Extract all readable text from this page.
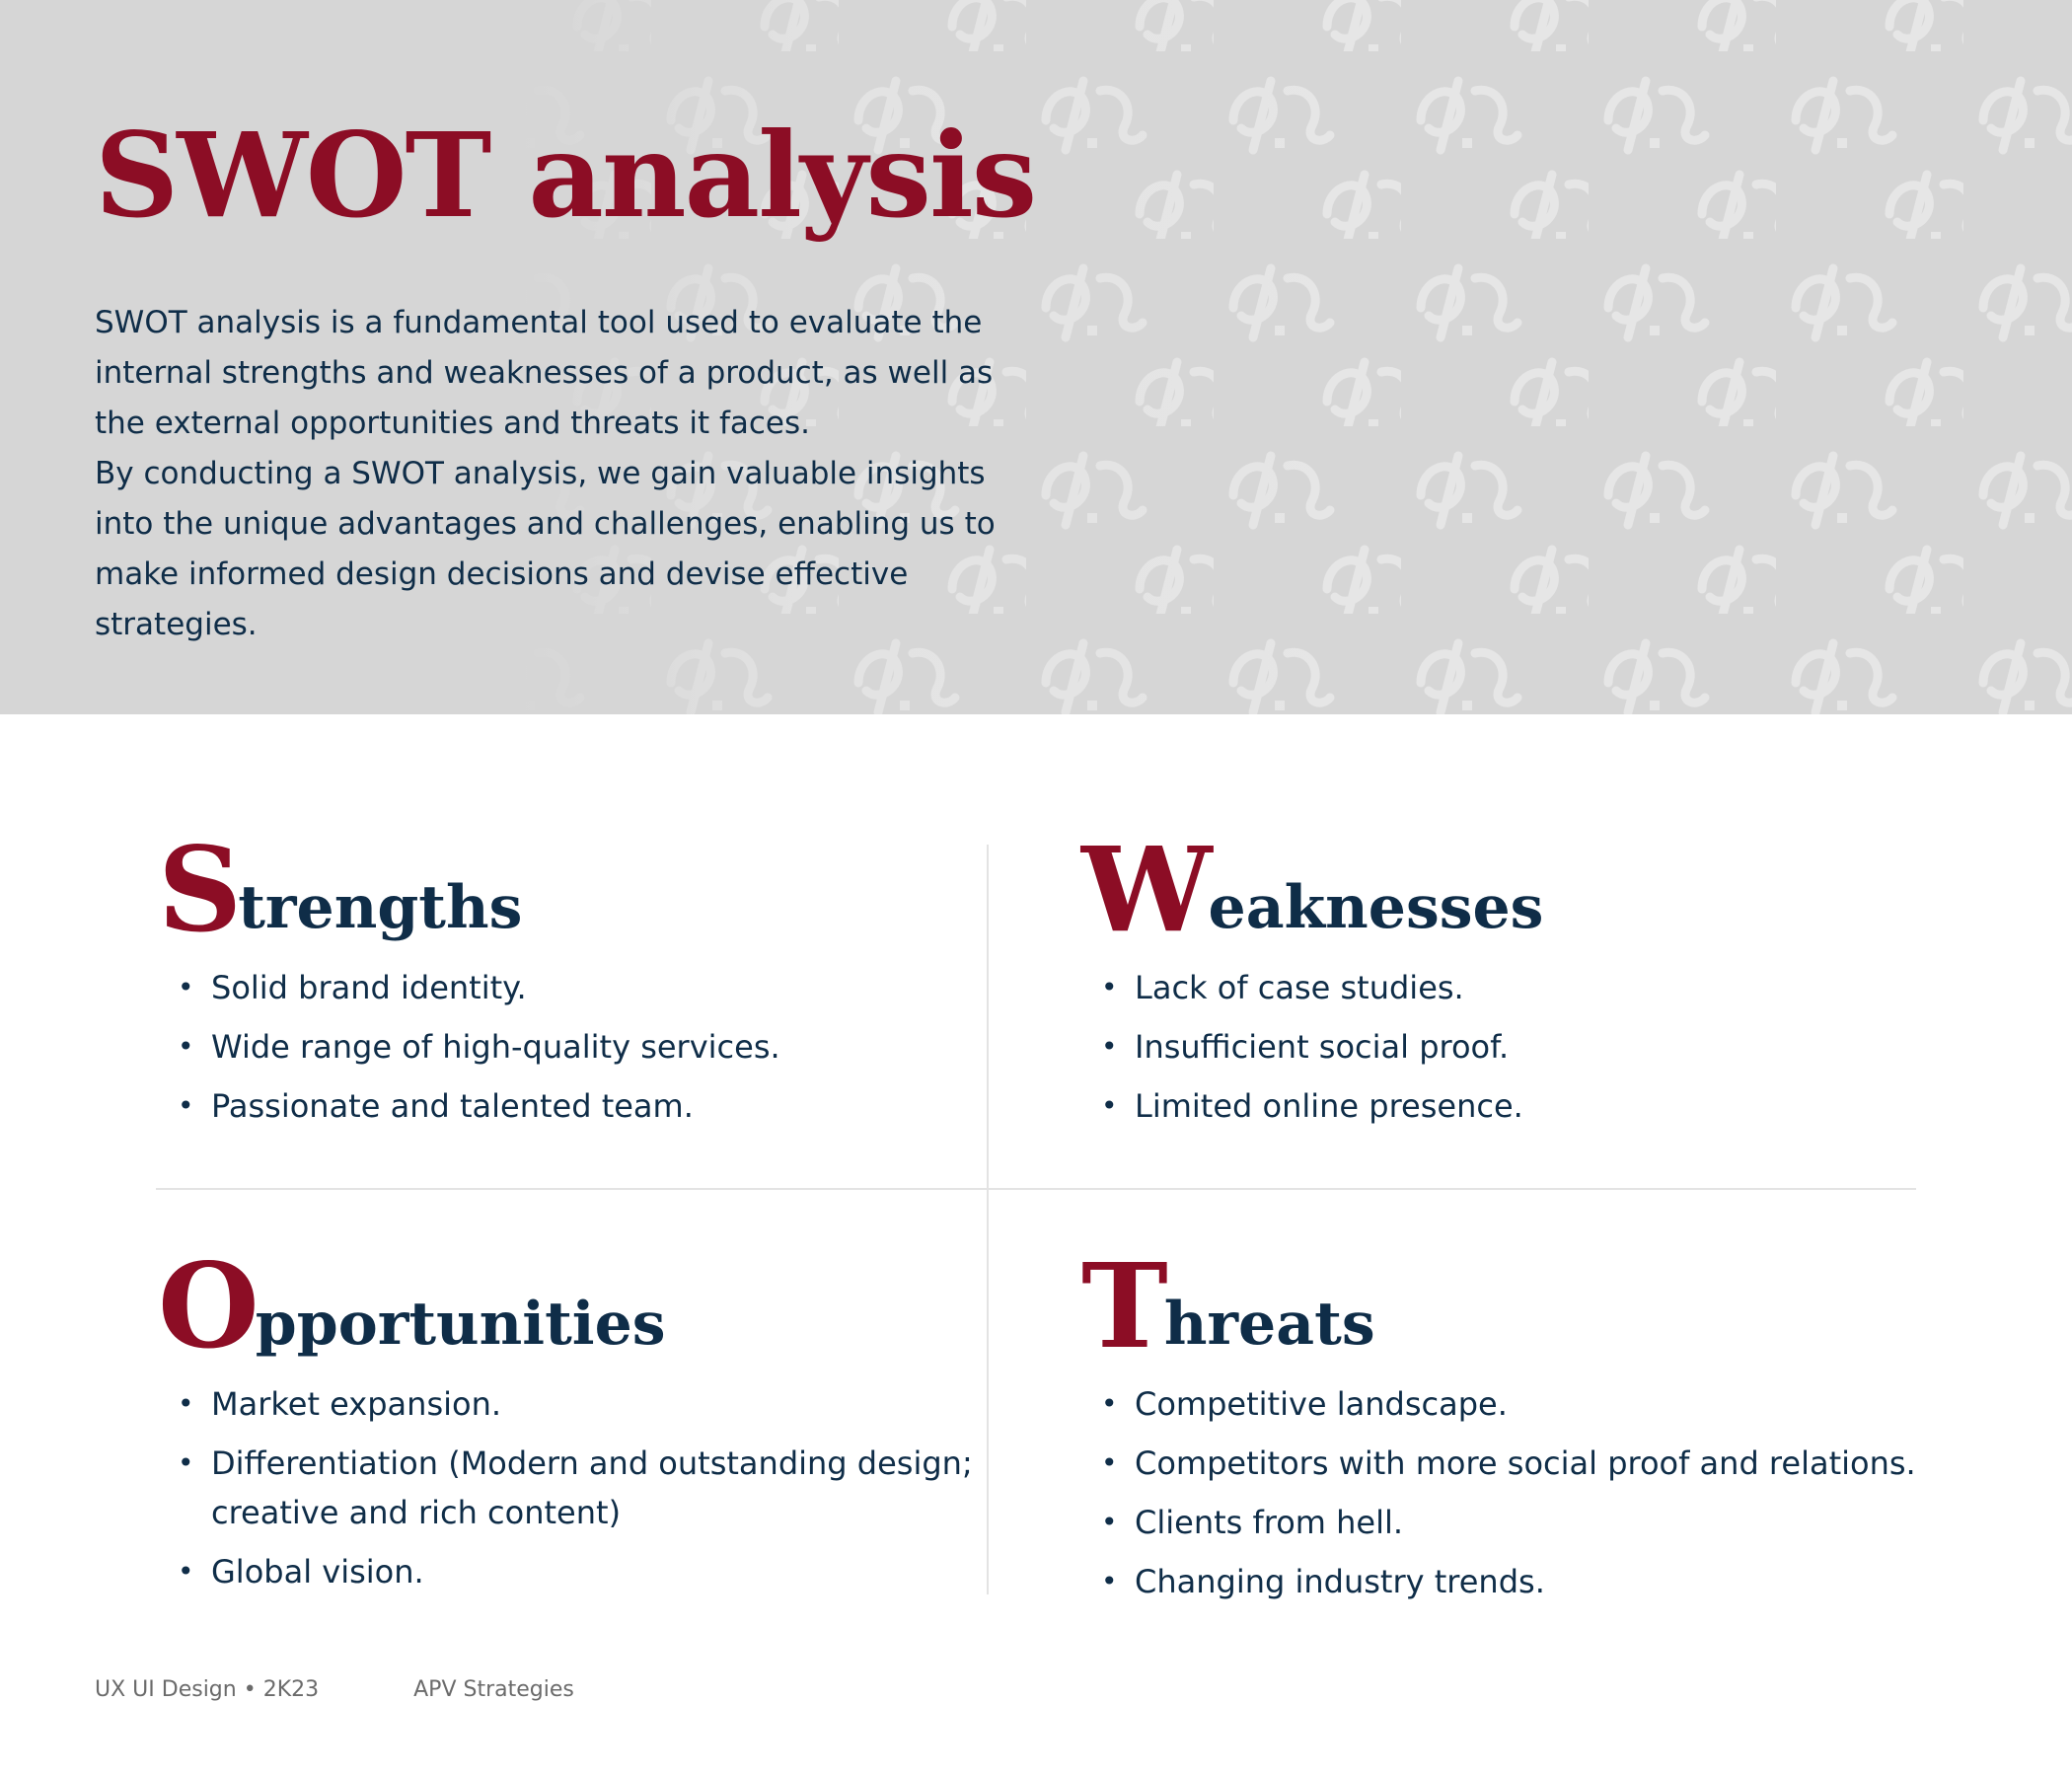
SWOT analysis

SWOT analysis is a fundamental tool used to evaluate the internal strengths and weaknesses of a product, as well as the external opportunities and threats it faces.

By conducting a SWOT analysis, we gain valuable insights into the unique advantages and challenges, enabling us to make informed design decisions and devise effective strategies.

S trengths
• Solid brand identity.
• Wide range of high-quality services.
• Passionate and talented team.
W eaknesses
• Lack of case studies.
• Insufficient social proof.
• Limited online presence.
O pportunities
• Market expansion.
• Differentiation (Modern and outstanding design; creative and rich content)
• Global vision.
T hreats
• Competitive landscape.
• Competitors with more social proof and relations.
• Clients from hell.
• Changing industry trends.
UX UI Design • 2K23	APV Strategies
